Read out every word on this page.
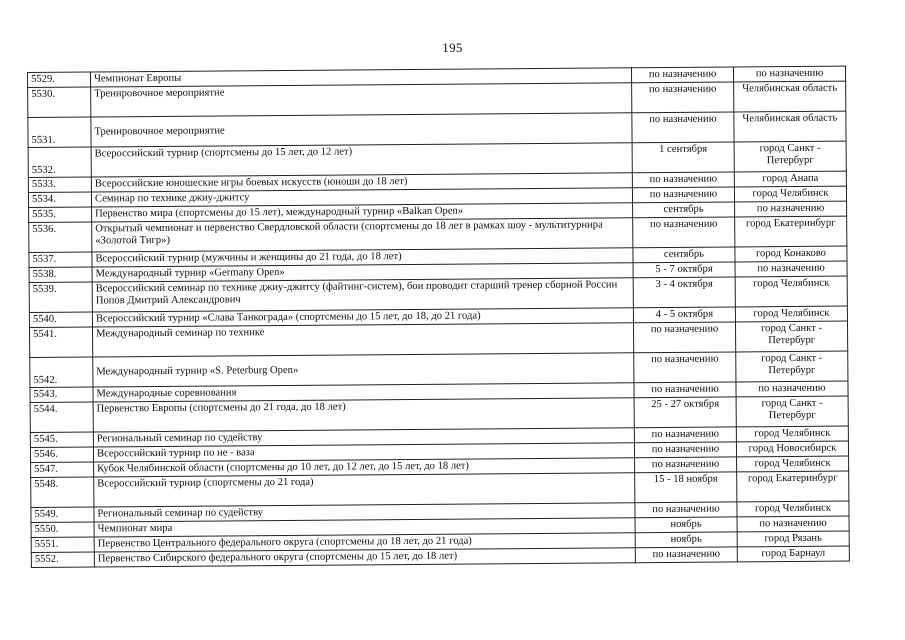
195
5529.	Чемпионат Европы	по назначению	по назначению
5530.	Тренировочное мероприятие	по назначению	Челябинская область
5531.	Тренировочное мероприятие	по назначению	Челябинская область
5532.	Всероссийский турнир (спортсмены до 15 лет, до 12 лет)	1 сентября	город Санкт - Петербург
5533.	Всероссийские юношеские игры боевых искусств (юноши до 18 лет)	по назначению	город Анапа
5534.	Семинар по технике джиу-джитсу	по назначению	город Челябинск
5535.	Первенство мира (спортсмены до 15 лет), международный турнир «Balkan Open»	сентябрь	по назначению
5536.	Открытый чемпионат и первенство Свердловской области (спортсмены до 18 лет в рамках шоу - мультитурнира «Золотой Тигр»)	по назначению	город Екатеринбург
5537.	Всероссийский турнир (мужчины и женщины до 21 года, до 18 лет)	сентябрь	город Конаково
5538.	Международный турнир «Germany Open»	5 - 7 октября	по назначению
5539.	Всероссийский семинар по технике джиу-джитсу (файтинг-систем), бои проводит старший тренер сборной России Попов Дмитрий Александрович	3 - 4 октября	город Челябинск
5540.	Всероссийский турнир «Слава Танкограда» (спортсмены до 15 лет, до 18, до 21 года)	4 - 5 октября	город Челябинск
5541.	Международный семинар по технике	по назначению	город Санкт - Петербург
5542.	Международный турнир «S. Peterburg Open»	по назначению	город Санкт - Петербург
5543.	Международные соревнования	по назначению	по назначению
5544.	Первенство Европы (спортсмены до 21 года, до 18 лет)	25 - 27 октября	город Санкт - Петербург
5545.	Региональный семинар по судейству	по назначению	город Челябинск
5546.	Всероссийский турнир по не - ваза	по назначению	город Новосибирск
5547.	Кубок Челябинской области (спортсмены до 10 лет, до 12 лет, до 15 лет, до 18 лет)	по назначению	город Челябинск
5548.	Всероссийский турнир (спортсмены до 21 года)	15 - 18 ноября	город Екатеринбург
5549.	Региональный семинар по судейству	по назначению	город Челябинск
5550.	Чемпионат мира	ноябрь	по назначению
5551.	Первенство Центрального федерального округа (спортсмены до 18 лет, до 21 года)	ноябрь	город Рязань
5552.	Первенство Сибирского федерального округа (спортсмены до 15 лет, до 18 лет)	по назначению	город Барнаул
